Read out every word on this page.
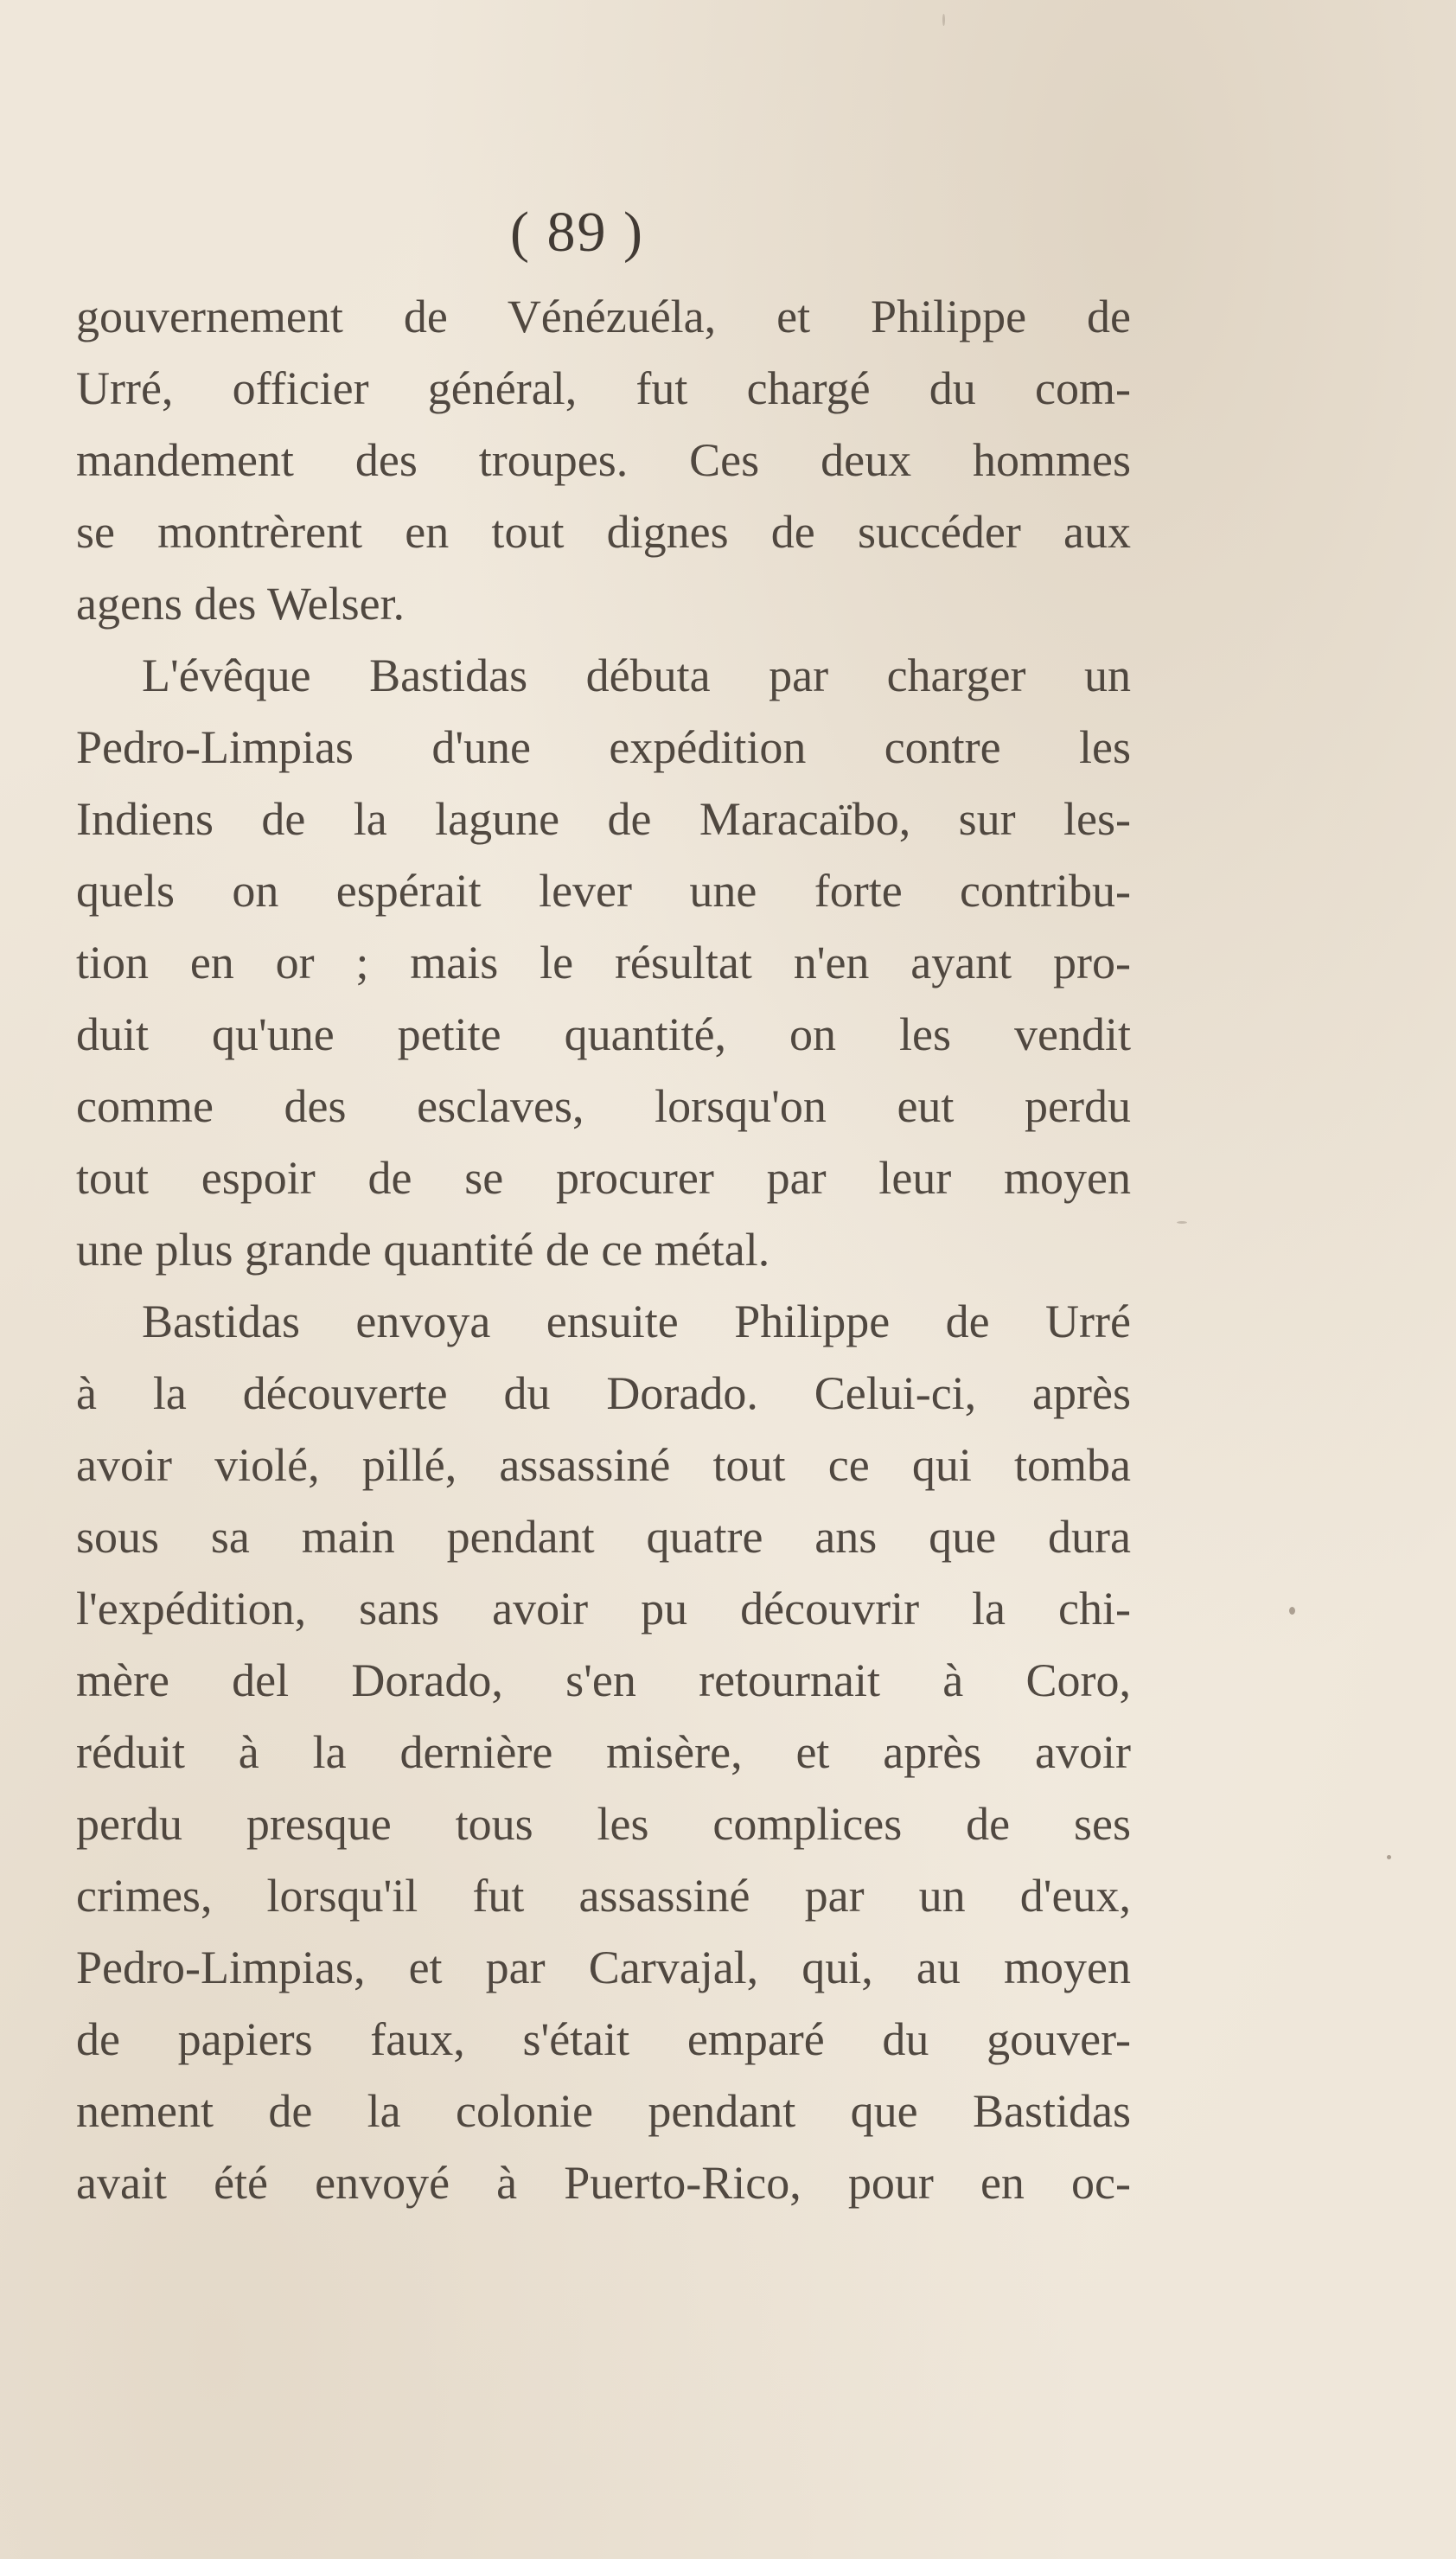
( 89 )
gouvernement de Vénézuéla, et Philippe de
Urré, officier général, fut chargé du com-
mandement des troupes. Ces deux hommes
se montrèrent en tout dignes de succéder aux
agens des Welser.
L'évêque Bastidas débuta par charger un
Pedro-Limpias d'une expédition contre les
Indiens de la lagune de Maracaïbo, sur les-
quels on espérait lever une forte contribu-
tion en or ; mais le résultat n'en ayant pro-
duit qu'une petite quantité, on les vendit
comme des esclaves, lorsqu'on eut perdu
tout espoir de se procurer par leur moyen
une plus grande quantité de ce métal.
Bastidas envoya ensuite Philippe de Urré
à la découverte du Dorado. Celui-ci, après
avoir violé, pillé, assassiné tout ce qui tomba
sous sa main pendant quatre ans que dura
l'expédition, sans avoir pu découvrir la chi-
mère del Dorado, s'en retournait à Coro,
réduit à la dernière misère, et après avoir
perdu presque tous les complices de ses
crimes, lorsqu'il fut assassiné par un d'eux,
Pedro-Limpias, et par Carvajal, qui, au moyen
de papiers faux, s'était emparé du gouver-
nement de la colonie pendant que Bastidas
avait été envoyé à Puerto-Rico, pour en oc-
